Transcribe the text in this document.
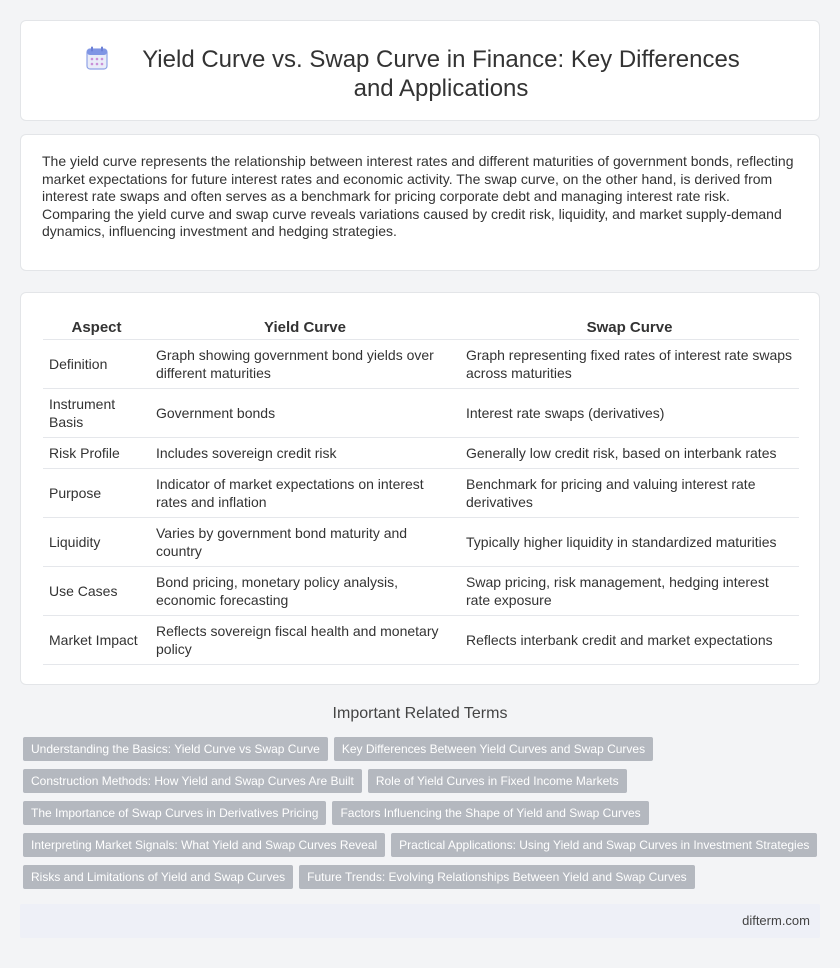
Yield Curve vs. Swap Curve in Finance: Key Differences and Applications

The yield curve represents the relationship between interest rates and different maturities of government bonds, reflecting market expectations for future interest rates and economic activity. The swap curve, on the other hand, is derived from interest rate swaps and often serves as a benchmark for pricing corporate debt and managing interest rate risk. Comparing the yield curve and swap curve reveals variations caused by credit risk, liquidity, and market supply-demand dynamics, influencing investment and hedging strategies.

Aspect	Yield Curve	Swap Curve
Definition	Graph showing government bond yields over different maturities	Graph representing fixed rates of interest rate swaps across maturities
Instrument Basis	Government bonds	Interest rate swaps (derivatives)
Risk Profile	Includes sovereign credit risk	Generally low credit risk, based on interbank rates
Purpose	Indicator of market expectations on interest rates and inflation	Benchmark for pricing and valuing interest rate derivatives
Liquidity	Varies by government bond maturity and country	Typically higher liquidity in standardized maturities
Use Cases	Bond pricing, monetary policy analysis, economic forecasting	Swap pricing, risk management, hedging interest rate exposure
Market Impact	Reflects sovereign fiscal health and monetary policy	Reflects interbank credit and market expectations
Important Related Terms
Understanding the Basics: Yield Curve vs Swap Curve Key Differences Between Yield Curves and Swap Curves
Construction Methods: How Yield and Swap Curves Are Built Role of Yield Curves in Fixed Income Markets
The Importance of Swap Curves in Derivatives Pricing Factors Influencing the Shape of Yield and Swap Curves
Interpreting Market Signals: What Yield and Swap Curves Reveal Practical Applications: Using Yield and Swap Curves in Investment Strategies
Risks and Limitations of Yield and Swap Curves Future Trends: Evolving Relationships Between Yield and Swap Curves
difterm.com
